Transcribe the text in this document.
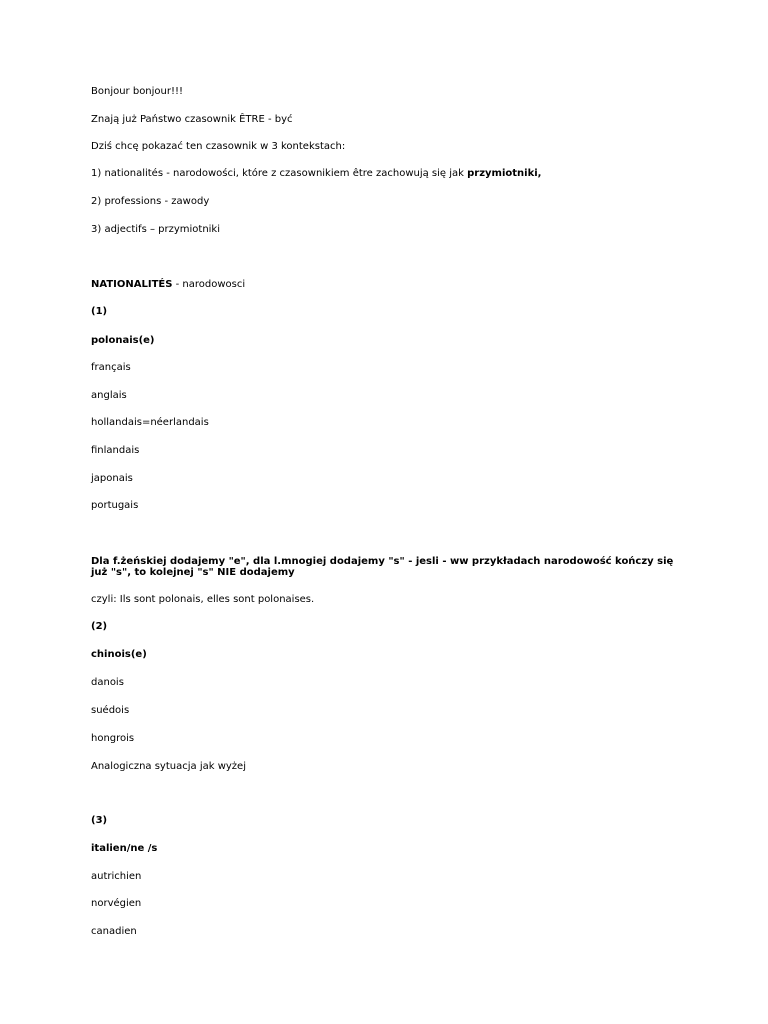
Bonjour bonjour!!!
Znają już Państwo czasownik ÊTRE - być
Dziś chcę pokazać ten czasownik w 3 kontekstach:
1) nationalités - narodowości, które z czasownikiem être zachowują się jak przymiotniki,
2) professions - zawody
3) adjectifs – przymiotniki
NATIONALITÉS - narodowosci
(1)
polonais(e)
français
anglais
hollandais=néerlandais
finlandais
japonais
portugais
Dla f.żeńskiej dodajemy "e", dla l.mnogiej dodajemy "s" - jesli - ww przykładach narodowość kończy się już "s", to kolejnej "s" NIE dodajemy
czyli: Ils sont polonais, elles sont polonaises.
(2)
chinois(e)
danois
suédois
hongrois
Analogiczna sytuacja jak wyżej
(3)
italien/ne /s
autrichien
norvégien
canadien
